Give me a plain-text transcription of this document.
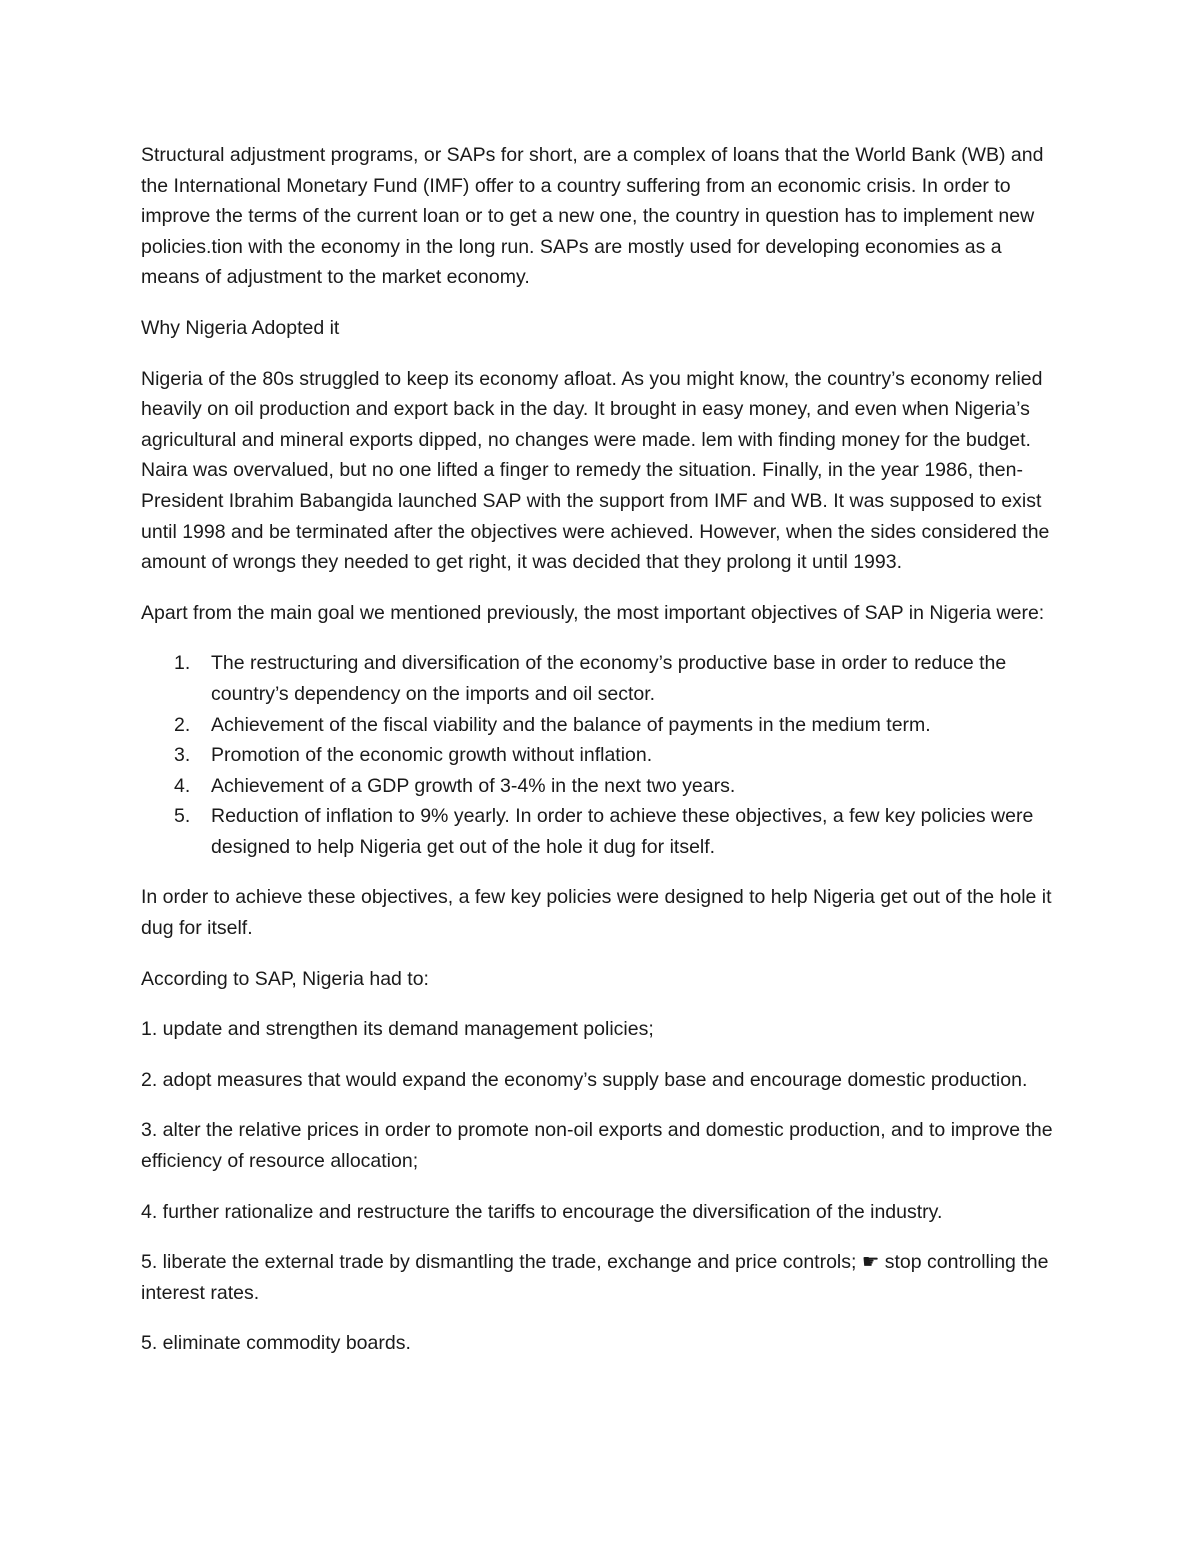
Structural adjustment programs, or SAPs for short, are a complex of loans that the World Bank (WB) and the International Monetary Fund (IMF) offer to a country suffering from an economic crisis. In order to improve the terms of the current loan or to get a new one, the country in question has to implement new policies.tion with the economy in the long run. SAPs are mostly used for developing economies as a means of adjustment to the market economy.

Why Nigeria Adopted it

Nigeria of the 80s struggled to keep its economy afloat. As you might know, the country’s economy relied heavily on oil production and export back in the day. It brought in easy money, and even when Nigeria’s agricultural and mineral exports dipped, no changes were made. lem with finding money for the budget. Naira was overvalued, but no one lifted a finger to remedy the situation. Finally, in the year 1986, then-President Ibrahim Babangida launched SAP with the support from IMF and WB. It was supposed to exist until 1998 and be terminated after the objectives were achieved. However, when the sides considered the amount of wrongs they needed to get right, it was decided that they prolong it until 1993.

Apart from the main goal we mentioned previously, the most important objectives of SAP in Nigeria were:

1. The restructuring and diversification of the economy’s productive base in order to reduce the country’s dependency on the imports and oil sector.
2. Achievement of the fiscal viability and the balance of payments in the medium term.
3. Promotion of the economic growth without inflation.
4. Achievement of a GDP growth of 3-4% in the next two years.
5. Reduction of inflation to 9% yearly. In order to achieve these objectives, a few key policies were designed to help Nigeria get out of the hole it dug for itself.

In order to achieve these objectives, a few key policies were designed to help Nigeria get out of the hole it dug for itself.

According to SAP, Nigeria had to:

1. update and strengthen its demand management policies;

2. adopt measures that would expand the economy’s supply base and encourage domestic production.

3. alter the relative prices in order to promote non-oil exports and domestic production, and to improve the efficiency of resource allocation;

4. further rationalize and restructure the tariffs to encourage the diversification of the industry.

5. liberate the external trade by dismantling the trade, exchange and price controls; ☛ stop controlling the interest rates.

5. eliminate commodity boards.
